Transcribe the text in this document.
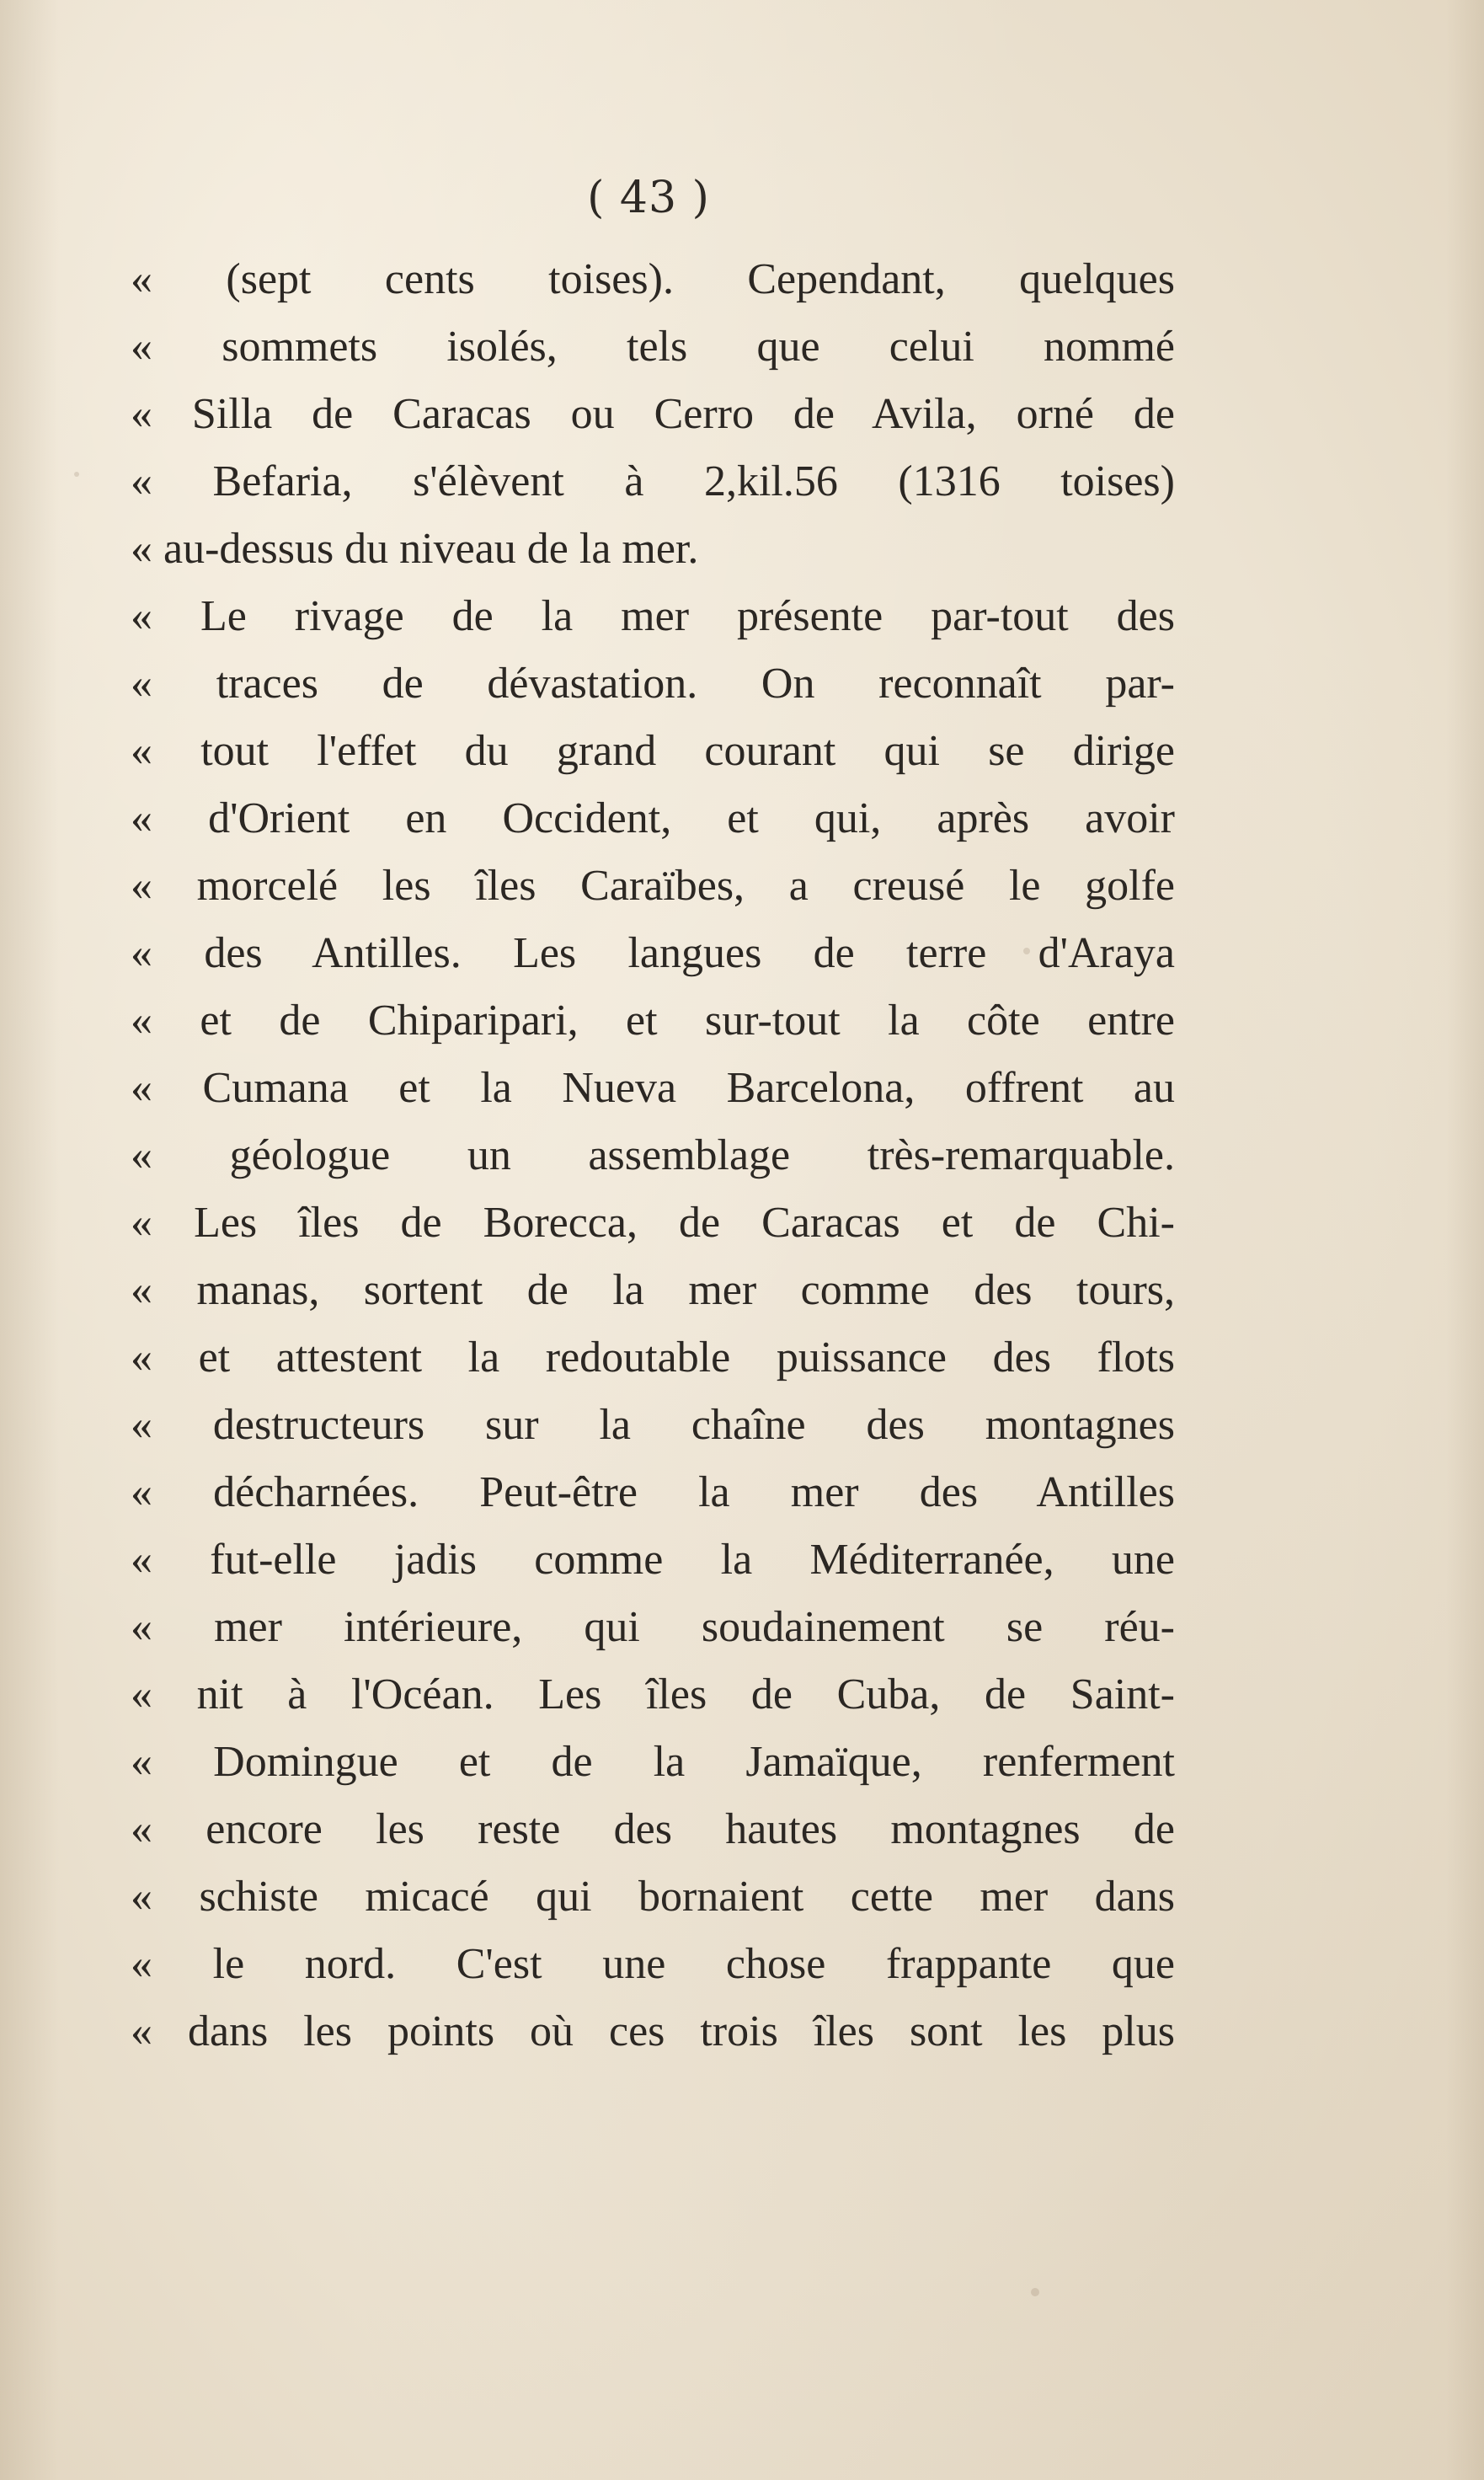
( 43 )
« (sept cents toises). Cependant, quelques
« sommets isolés, tels que celui nommé
« Silla de Caracas ou Cerro de Avila, orné de
« Befaria, s'élèvent à 2,kil.56 (1316 toises)
« au-dessus du niveau de la mer.
« Le rivage de la mer présente par-tout des
« traces de dévastation. On reconnaît par-
« tout l'effet du grand courant qui se dirige
« d'Orient en Occident, et qui, après avoir
« morcelé les îles Caraïbes, a creusé le golfe
« des Antilles. Les langues de terre d'Araya
« et de Chiparipari, et sur-tout la côte entre
« Cumana et la Nueva Barcelona, offrent au
« géologue un assemblage très-remarquable.
« Les îles de Borecca, de Caracas et de Chi-
« manas, sortent de la mer comme des tours,
« et attestent la redoutable puissance des flots
« destructeurs sur la chaîne des montagnes
« décharnées. Peut-être la mer des Antilles
« fut-elle jadis comme la Méditerranée, une
« mer intérieure, qui soudainement se réu-
« nit à l'Océan. Les îles de Cuba, de Saint-
« Domingue et de la Jamaïque, renferment
« encore les reste des hautes montagnes de
« schiste micacé qui bornaient cette mer dans
« le nord. C'est une chose frappante que
« dans les points où ces trois îles sont les plus
